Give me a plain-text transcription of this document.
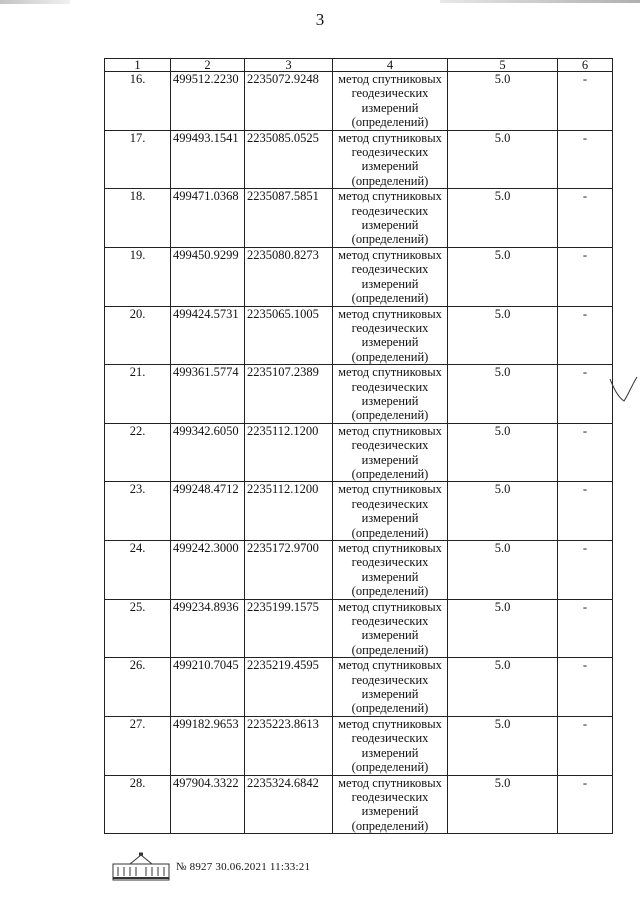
3
1	2	3	4	5	6
16.	499512.2230	2235072.9248	метод спутниковых геодезических измерений (определений)	5.0	-
17.	499493.1541	2235085.0525	метод спутниковых геодезических измерений (определений)	5.0	-
18.	499471.0368	2235087.5851	метод спутниковых геодезических измерений (определений)	5.0	-
19.	499450.9299	2235080.8273	метод спутниковых геодезических измерений (определений)	5.0	-
20.	499424.5731	2235065.1005	метод спутниковых геодезических измерений (определений)	5.0	-
21.	499361.5774	2235107.2389	метод спутниковых геодезических измерений (определений)	5.0	-
22.	499342.6050	2235112.1200	метод спутниковых геодезических измерений (определений)	5.0	-
23.	499248.4712	2235112.1200	метод спутниковых геодезических измерений (определений)	5.0	-
24.	499242.3000	2235172.9700	метод спутниковых геодезических измерений (определений)	5.0	-
25.	499234.8936	2235199.1575	метод спутниковых геодезических измерений (определений)	5.0	-
26.	499210.7045	2235219.4595	метод спутниковых геодезических измерений (определений)	5.0	-
27.	499182.9653	2235223.8613	метод спутниковых геодезических измерений (определений)	5.0	-
28.	497904.3322	2235324.6842	метод спутниковых геодезических измерений (определений)	5.0	-
№ 8927 30.06.2021 11:33:21
